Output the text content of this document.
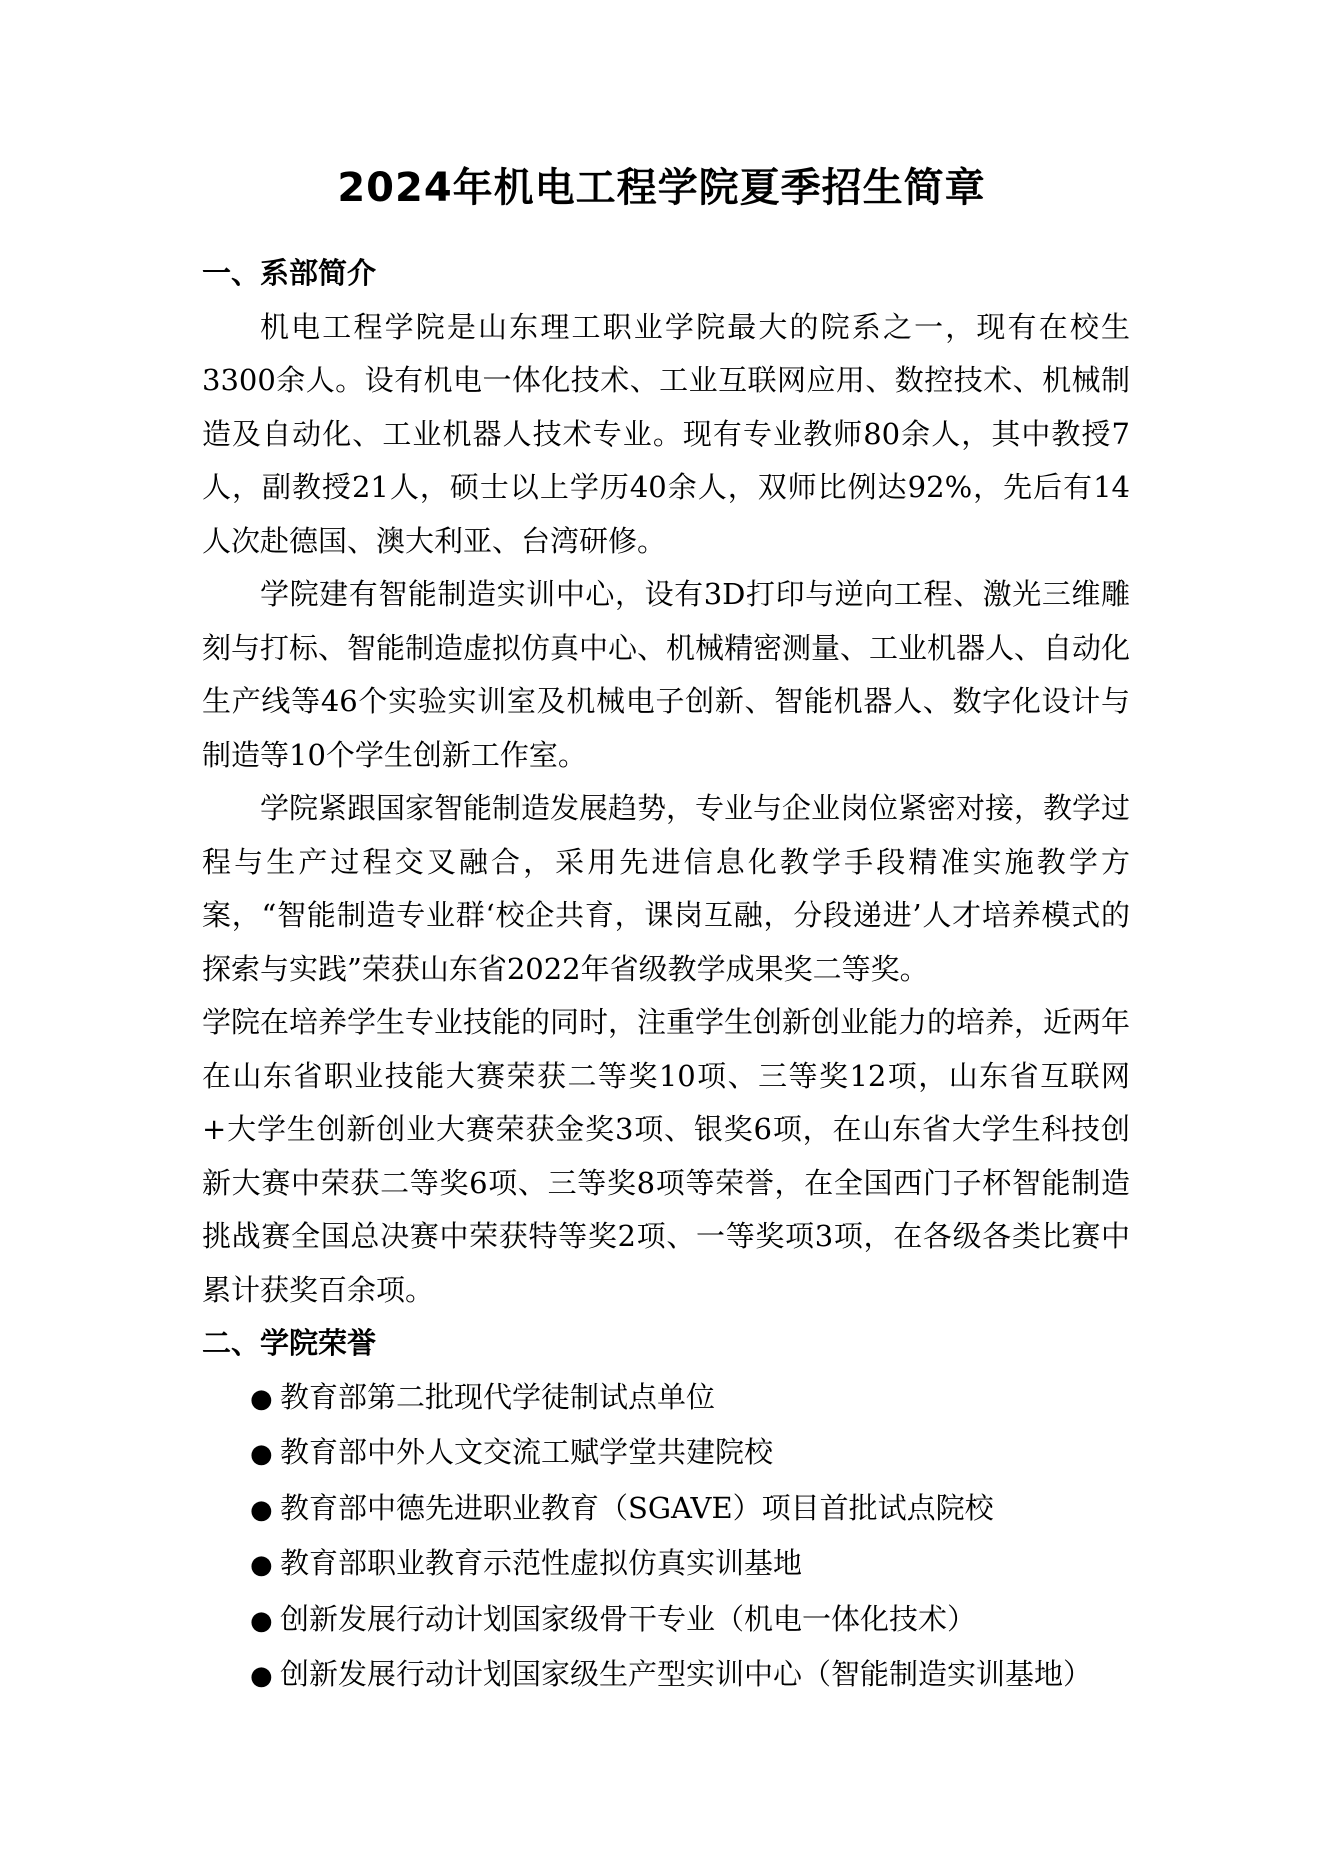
2024年机电工程学院夏季招生简章
一、系部简介

机电工程学院是山东理工职业学院最大的院系之一，现有在校生3300余人。设有机电一体化技术、工业互联网应用、数控技术、机械制造及自动化、工业机器人技术专业。现有专业教师80余人，其中教授7人，副教授21人，硕士以上学历40余人，双师比例达92%，先后有14人次赴德国、澳大利亚、台湾研修。

学院建有智能制造实训中心，设有3D打印与逆向工程、激光三维雕刻与打标、智能制造虚拟仿真中心、机械精密测量、工业机器人、自动化生产线等46个实验实训室及机械电子创新、智能机器人、数字化设计与制造等10个学生创新工作室。

学院紧跟国家智能制造发展趋势，专业与企业岗位紧密对接，教学过程与生产过程交叉融合，采用先进信息化教学手段精准实施教学方案，“智能制造专业群‘校企共育，课岗互融，分段递进’人才培养模式的探索与实践”荣获山东省2022年省级教学成果奖二等奖。

学院在培养学生专业技能的同时，注重学生创新创业能力的培养，近两年在山东省职业技能大赛荣获二等奖10项、三等奖12项，山东省互联网+大学生创新创业大赛荣获金奖3项、银奖6项，在山东省大学生科技创新大赛中荣获二等奖6项、三等奖8项等荣誉，在全国西门子杯智能制造挑战赛全国总决赛中荣获特等奖2项、一等奖项3项，在各级各类比赛中累计获奖百余项。

二、学院荣誉
● 教育部第二批现代学徒制试点单位
● 教育部中外人文交流工赋学堂共建院校
● 教育部中德先进职业教育（SGAVE）项目首批试点院校
● 教育部职业教育示范性虚拟仿真实训基地
● 创新发展行动计划国家级骨干专业（机电一体化技术）
● 创新发展行动计划国家级生产型实训中心（智能制造实训基地）
